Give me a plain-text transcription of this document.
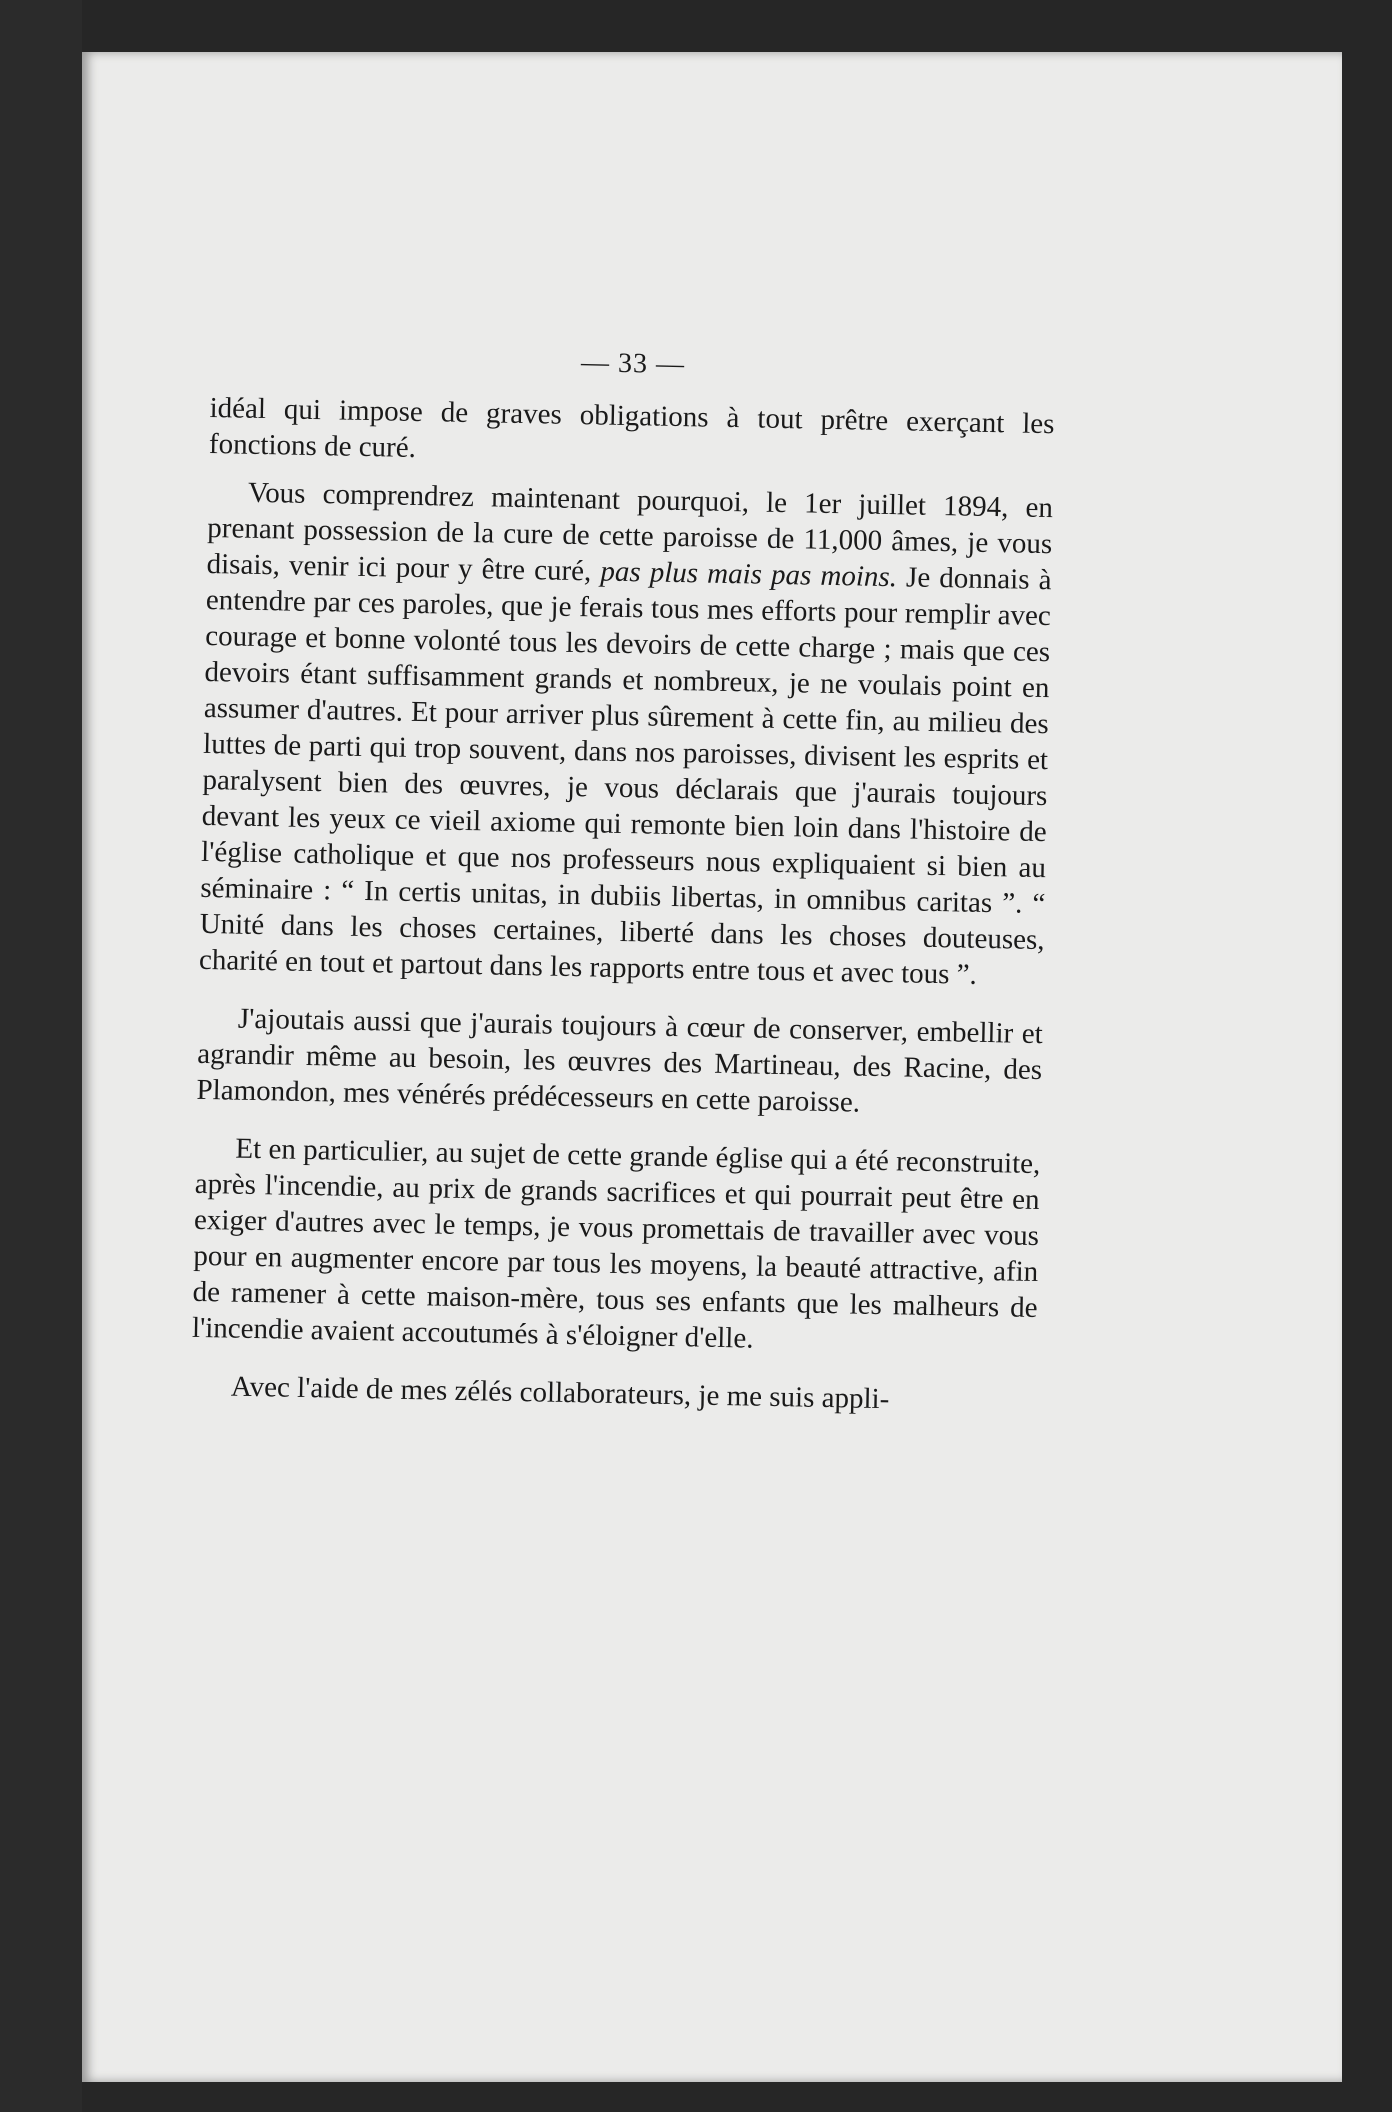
— 33 —

idéal qui impose de graves obligations à tout prêtre exerçant les fonctions de curé.

Vous comprendrez maintenant pourquoi, le 1er juillet 1894, en prenant possession de la cure de cette paroisse de 11,000 âmes, je vous disais, venir ici pour y être curé, pas plus mais pas moins. Je donnais à entendre par ces paroles, que je ferais tous mes efforts pour remplir avec courage et bonne volonté tous les devoirs de cette charge ; mais que ces devoirs étant suffisamment grands et nombreux, je ne voulais point en assumer d'autres. Et pour arriver plus sûrement à cette fin, au milieu des luttes de parti qui trop souvent, dans nos paroisses, divisent les esprits et paralysent bien des œuvres, je vous déclarais que j'aurais toujours devant les yeux ce vieil axiome qui remonte bien loin dans l'histoire de l'église catholique et que nos professeurs nous expliquaient si bien au séminaire : “ In certis unitas, in dubiis libertas, in omnibus caritas ”. “ Unité dans les choses certaines, liberté dans les choses douteuses, charité en tout et partout dans les rapports entre tous et avec tous ”.

J'ajoutais aussi que j'aurais toujours à cœur de conserver, embellir et agrandir même au besoin, les œuvres des Martineau, des Racine, des Plamondon, mes vénérés prédécesseurs en cette paroisse.

Et en particulier, au sujet de cette grande église qui a été reconstruite, après l'incendie, au prix de grands sacrifices et qui pourrait peut être en exiger d'autres avec le temps, je vous promettais de travailler avec vous pour en augmenter encore par tous les moyens, la beauté attractive, afin de ramener à cette maison-mère, tous ses enfants que les malheurs de l'incendie avaient accoutumés à s'éloigner d'elle.

Avec l'aide de mes zélés collaborateurs, je me suis appli-
